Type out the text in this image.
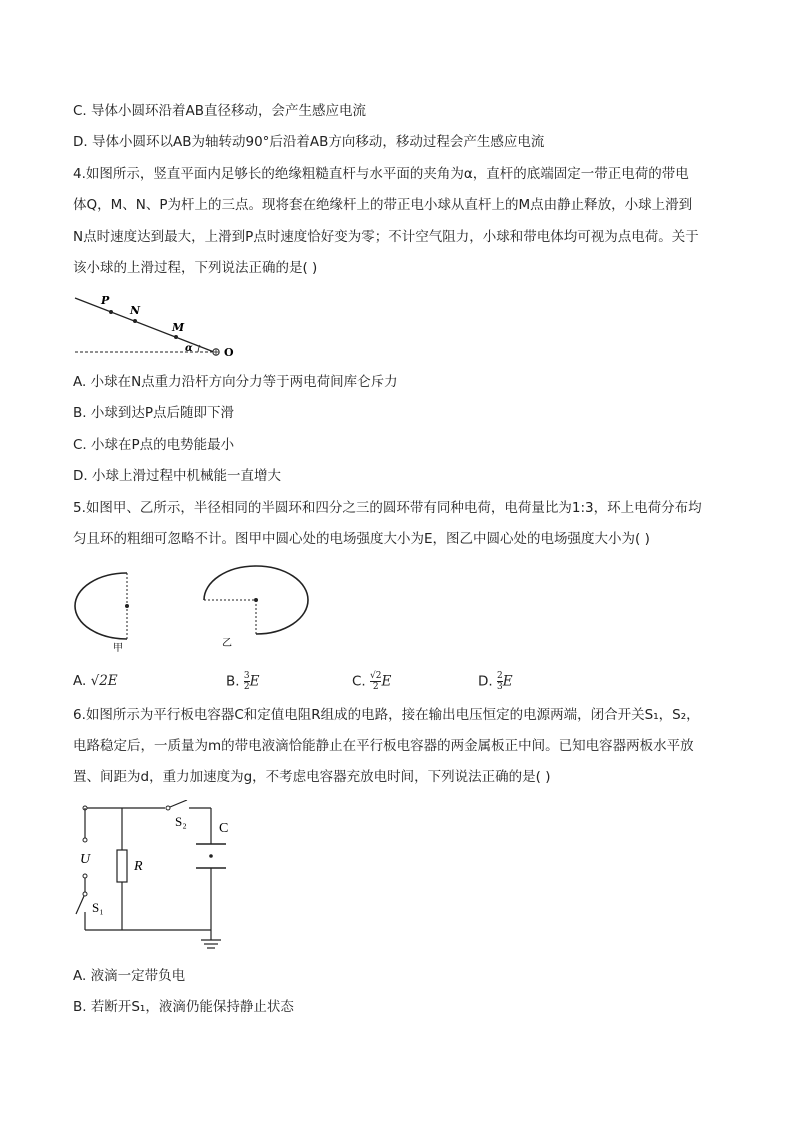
C. 导体小圆环沿着AB直径移动，会产生感应电流
D. 导体小圆环以AB为轴转动90°后沿着AB方向移动，移动过程会产生感应电流
4.如图所示，竖直平面内足够长的绝缘粗糙直杆与水平面的夹角为α，直杆的底端固定一带正电荷的带电
体Q，M、N、P为杆上的三点。现将套在绝缘杆上的带正电小球从直杆上的M点由静止释放，小球上滑到
N点时速度达到最大，上滑到P点时速度恰好变为零；不计空气阻力，小球和带电体均可视为点电荷。关于
该小球的上滑过程，下列说法正确的是( )
P
N
M
α	O
A. 小球在N点重力沿杆方向分力等于两电荷间库仑斥力
B. 小球到达P点后随即下滑
C. 小球在P点的电势能最小
D. 小球上滑过程中机械能一直增大
5.如图甲、乙所示，半径相同的半圆环和四分之三的圆环带有同种电荷，电荷量比为1:3，环上电荷分布均
匀且环的粗细可忽略不计。图甲中圆心处的电场强度大小为E，图乙中圆心处的电场强度大小为( )
甲	乙
A. √2E	B. $\frac{3}{2}$ E	C. $\frac{√2}{2}$ E	D. $\frac{2}{3}$ E
6.如图所示为平行板电容器C和定值电阻R组成的电路，接在输出电压恒定的电源两端，闭合开关S₁，S₂，
电路稳定后，一质量为m的带电液滴恰能静止在平行板电容器的两金属板正中间。已知电容器两板水平放
置、间距为d，重力加速度为g，不考虑电容器充放电时间，下列说法正确的是( )
S₂ C
U	R
S₁
A. 液滴一定带负电
B. 若断开S₁，液滴仍能保持静止状态
